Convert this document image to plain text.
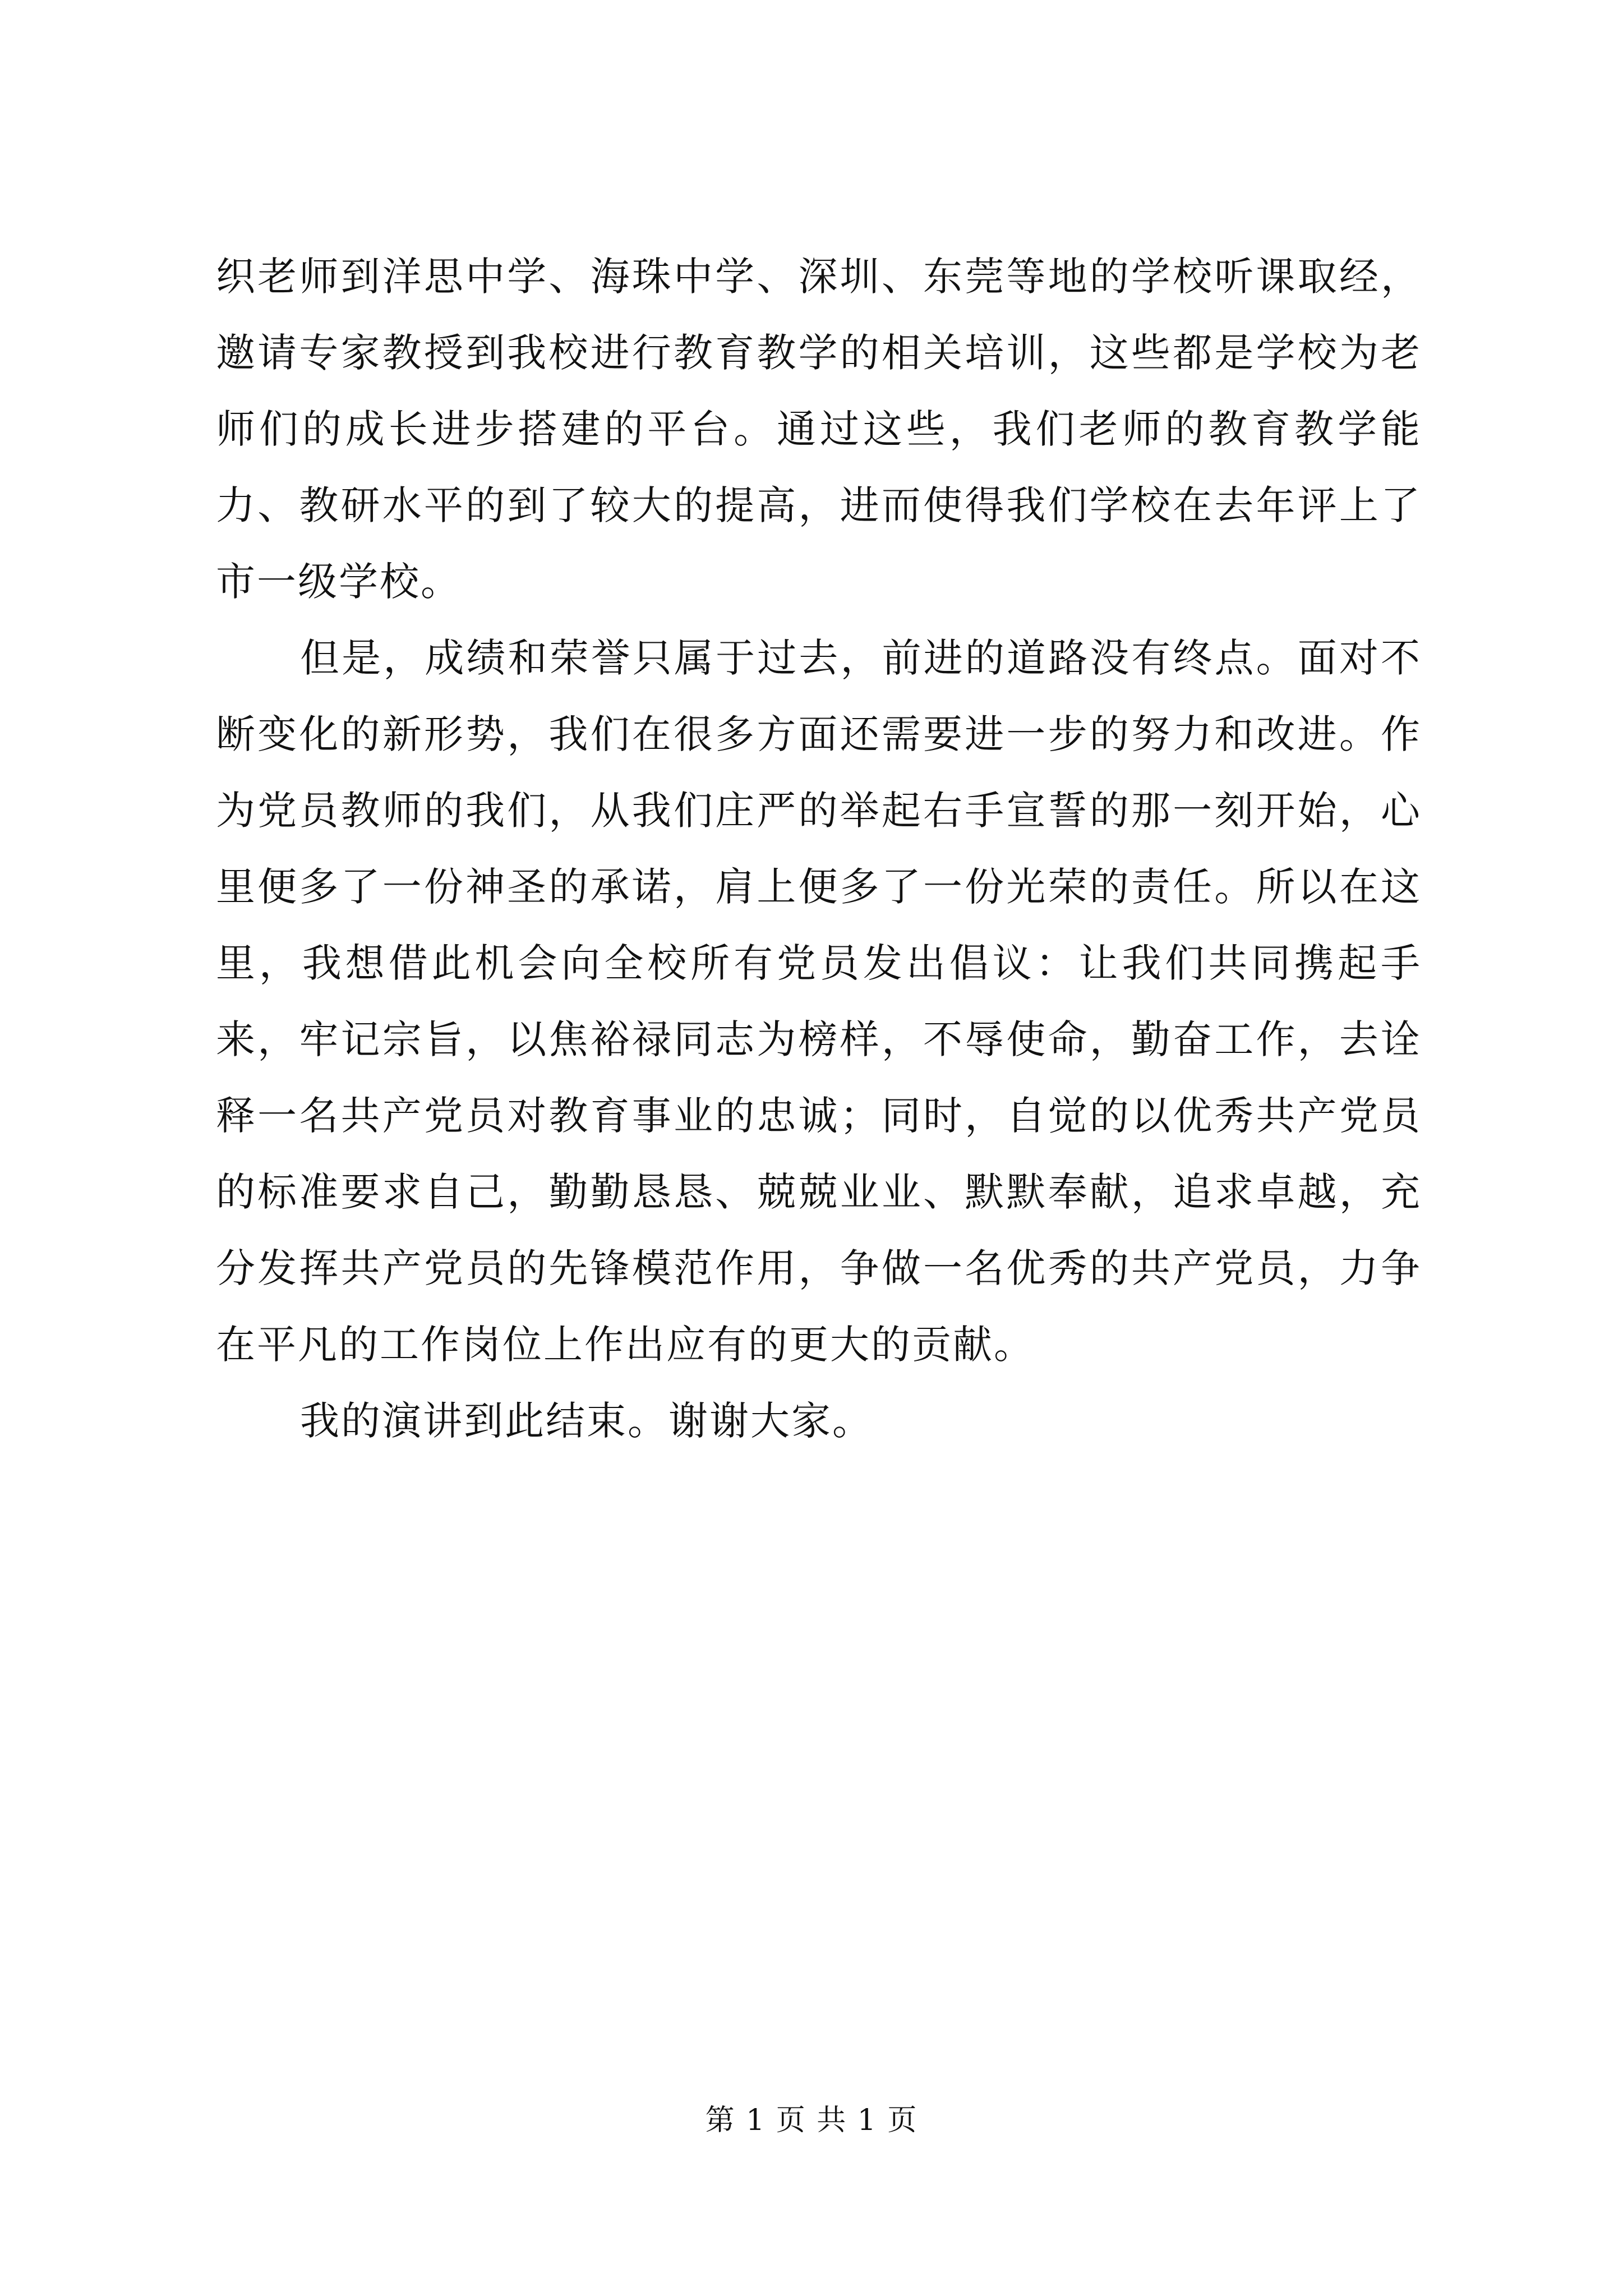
织老师到洋思中学、海珠中学、深圳、东莞等地的学校听课取经，邀请专家教授到我校进行教育教学的相关培训，这些都是学校为老师们的成长进步搭建的平台。通过这些，我们老师的教育教学能力、教研水平的到了较大的提高，进而使得我们学校在去年评上了市一级学校。

但是，成绩和荣誉只属于过去，前进的道路没有终点。面对不断变化的新形势，我们在很多方面还需要进一步的努力和改进。作为党员教师的我们，从我们庄严的举起右手宣誓的那一刻开始，心里便多了一份神圣的承诺，肩上便多了一份光荣的责任。所以在这里，我想借此机会向全校所有党员发出倡议：让我们共同携起手来，牢记宗旨，以焦裕禄同志为榜样，不辱使命，勤奋工作，去诠释一名共产党员对教育事业的忠诚；同时，自觉的以优秀共产党员的标准要求自己，勤勤恳恳、兢兢业业、默默奉献，追求卓越，充分发挥共产党员的先锋模范作用，争做一名优秀的共产党员，力争在平凡的工作岗位上作出应有的更大的贡献。

我的演讲到此结束。谢谢大家。

第 1 页 共 1 页
